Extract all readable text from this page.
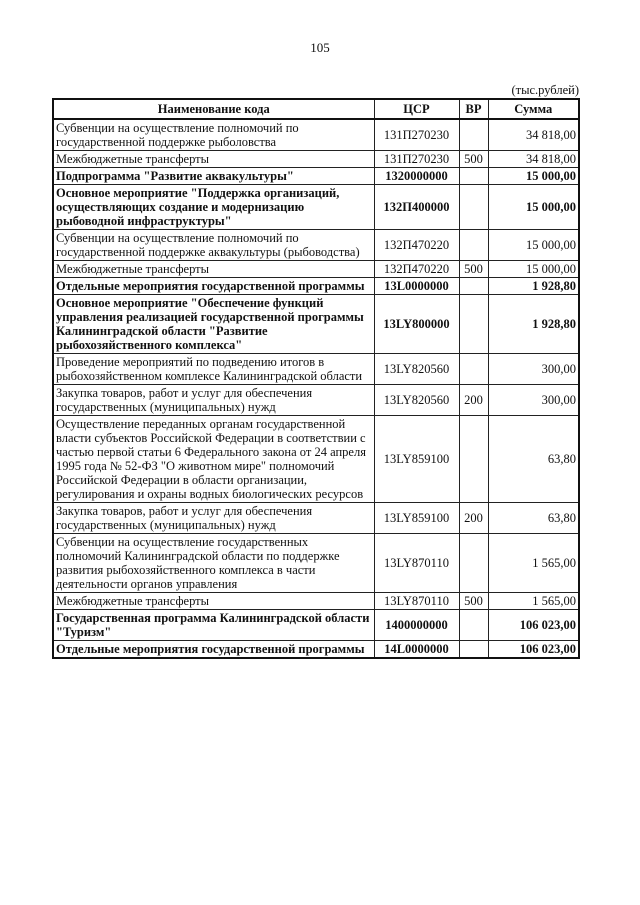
105
(тыс.рублей)
Наименование кода	ЦСР	ВР	Сумма
Субвенции на осуществление полномочий по государственной поддержке рыболовства	131П270230		34 818,00
Межбюджетные трансферты	131П270230	500	34 818,00
Подпрограмма "Развитие аквакультуры"	1320000000		15 000,00
Основное мероприятие "Поддержка организаций, осуществляющих создание и модернизацию рыбоводной инфраструктуры"	132П400000		15 000,00
Субвенции на осуществление полномочий по государственной поддержке аквакультуры (рыбоводства)	132П470220		15 000,00
Межбюджетные трансферты	132П470220	500	15 000,00
Отдельные мероприятия государственной программы	13L0000000		1 928,80
Основное мероприятие "Обеспечение функций управления реализацией государственной программы Калининградской области "Развитие рыбохозяйственного комплекса"	13LY800000		1 928,80
Проведение мероприятий по подведению итогов в рыбохозяйственном комплексе Калининградской области	13LY820560		300,00
Закупка товаров, работ и услуг для обеспечения государственных (муниципальных) нужд	13LY820560	200	300,00
Осуществление переданных органам государственной власти субъектов Российской Федерации в соответствии с частью первой статьи 6 Федерального закона от 24 апреля 1995 года № 52-ФЗ "О животном мире" полномочий Российской Федерации в области организации, регулирования и охраны водных биологических ресурсов	13LY859100		63,80
Закупка товаров, работ и услуг для обеспечения государственных (муниципальных) нужд	13LY859100	200	63,80
Субвенции на осуществление государственных полномочий Калининградской области по поддержке развития рыбохозяйственного комплекса в части деятельности органов управления	13LY870110		1 565,00
Межбюджетные трансферты	13LY870110	500	1 565,00
Государственная программа Калининградской области "Туризм"	1400000000		106 023,00
Отдельные мероприятия государственной программы	14L0000000		106 023,00
